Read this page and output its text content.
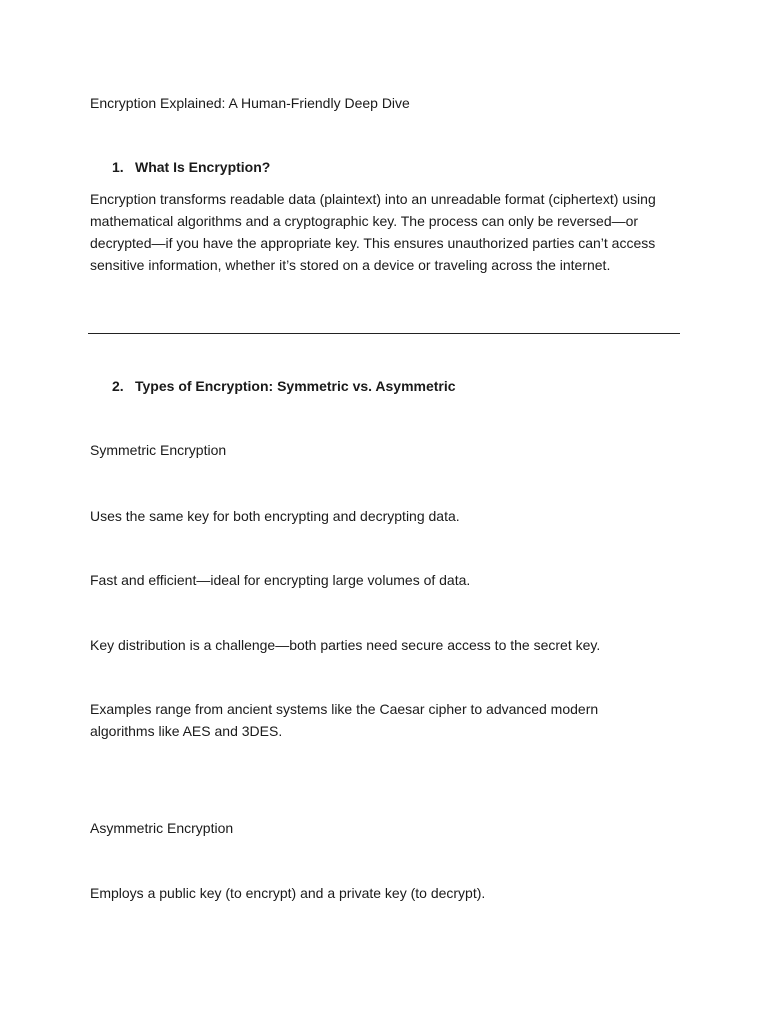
Encryption Explained: A Human-Friendly Deep Dive
1. What Is Encryption?
Encryption transforms readable data (plaintext) into an unreadable format (ciphertext) using mathematical algorithms and a cryptographic key. The process can only be reversed—or decrypted—if you have the appropriate key. This ensures unauthorized parties can’t access sensitive information, whether it’s stored on a device or traveling across the internet.
2. Types of Encryption: Symmetric vs. Asymmetric
Symmetric Encryption
Uses the same key for both encrypting and decrypting data.
Fast and efficient—ideal for encrypting large volumes of data.
Key distribution is a challenge—both parties need secure access to the secret key.
Examples range from ancient systems like the Caesar cipher to advanced modern algorithms like AES and 3DES.
Asymmetric Encryption
Employs a public key (to encrypt) and a private key (to decrypt).
